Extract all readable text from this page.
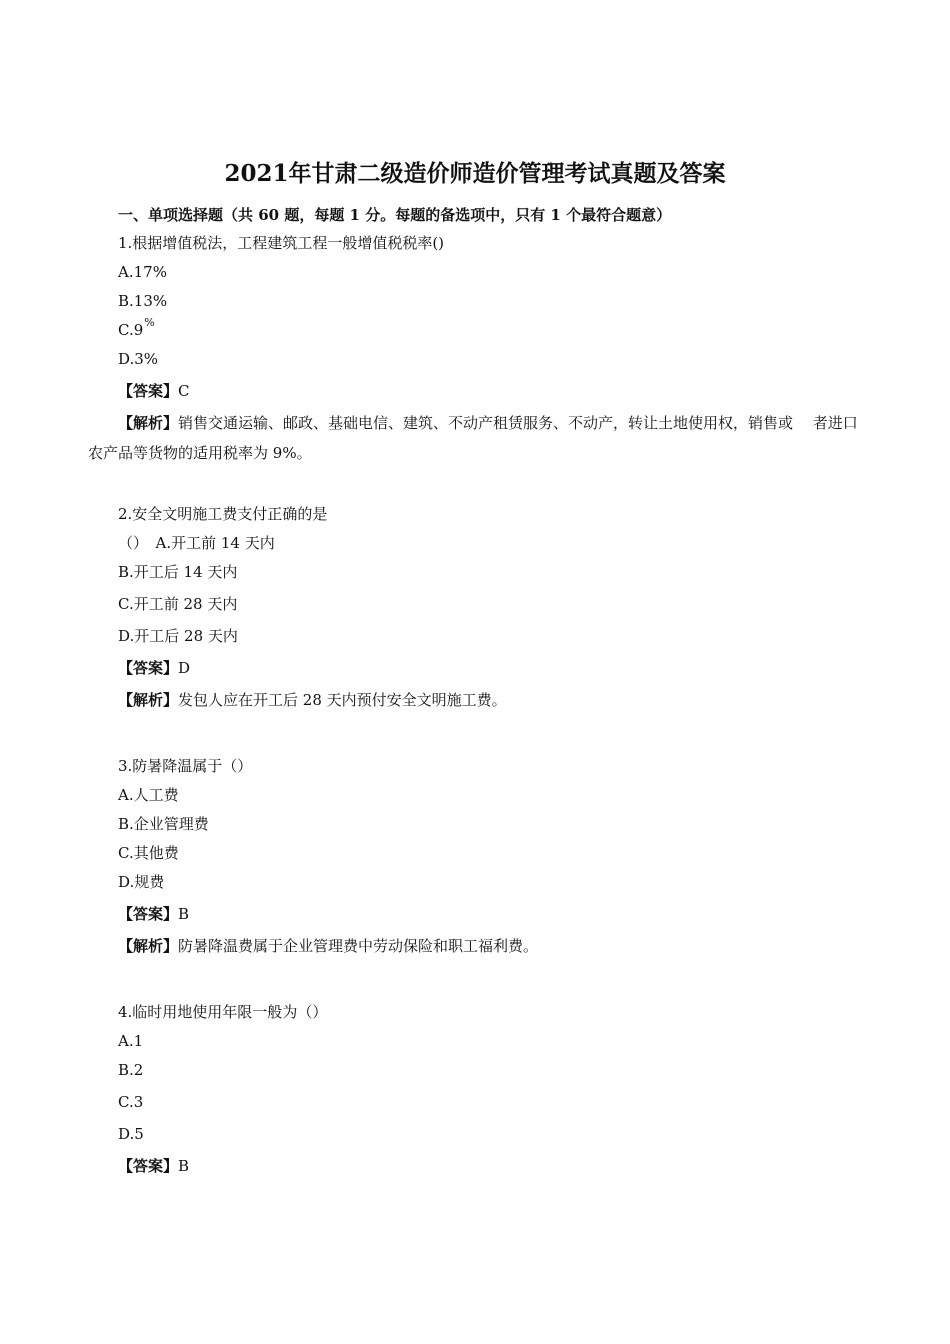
2021年甘肃二级造价师造价管理考试真题及答案
一、单项选择题（共 60 题，每题 1 分。每题的备选项中，只有 1 个最符合题意）
1.根据增值税法，工程建筑工程一般增值税税率()
A.17%
B.13%
C.9%
D.3%
【答案】C
【解析】销售交通运输、邮政、基础电信、建筑、不动产租赁服务、不动产，转让土地使用权，销售或　 者进口
农产品等货物的适用税率为 9%。
2.安全文明施工费支付正确的是
（）　A.开工前 14 天内
B.开工后 14 天内
C.开工前 28 天内
D.开工后 28 天内
【答案】D
【解析】发包人应在开工后 28 天内预付安全文明施工费。
3.防暑降温属于（）
A.人工费
B.企业管理费
C.其他费
D.规费
【答案】B
【解析】防暑降温费属于企业管理费中劳动保险和职工福利费。
4.临时用地使用年限一般为（）
A.1
B.2
C.3
D.5
【答案】B
